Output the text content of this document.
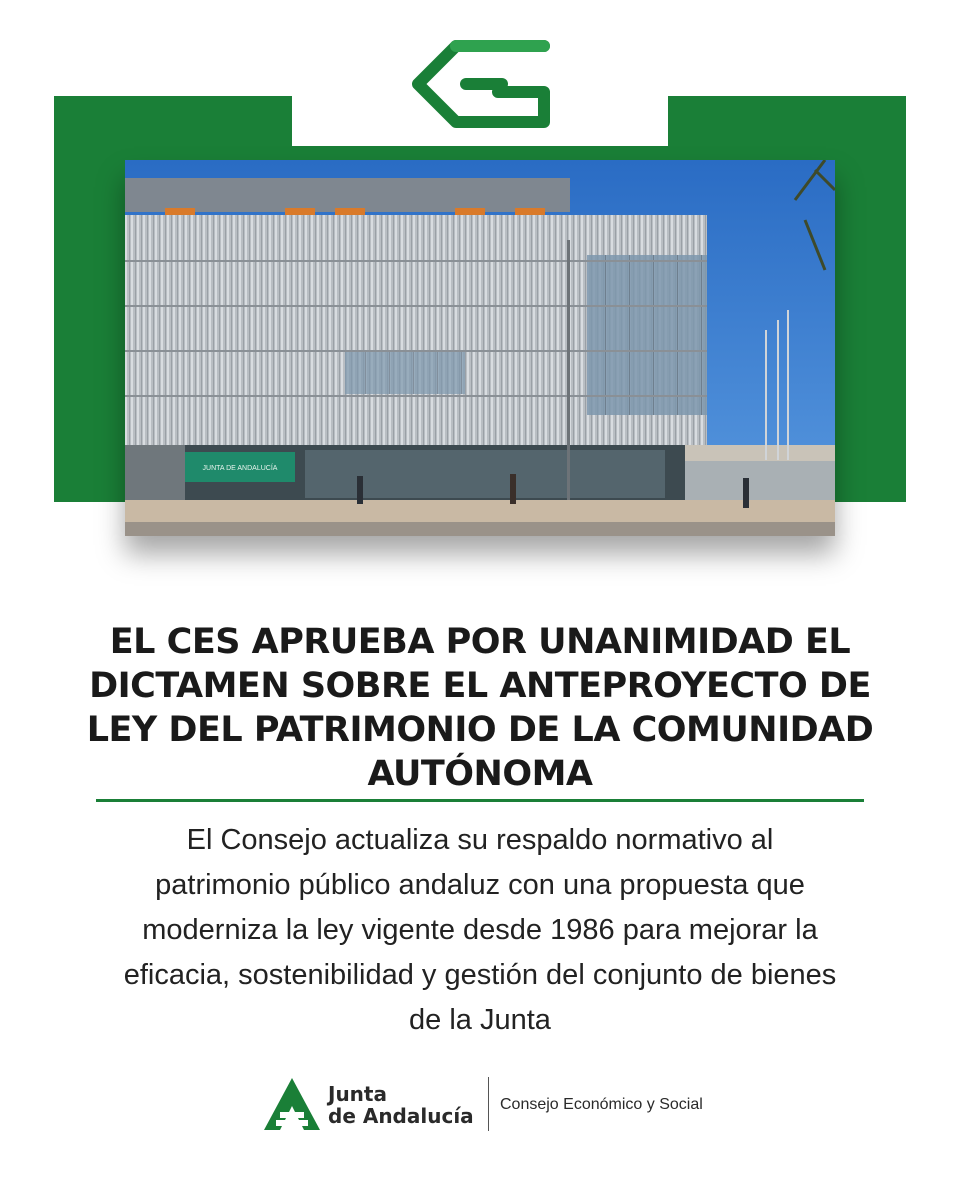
JUNTA DE ANDALUCÍA
EL CES APRUEBA POR UNANIMIDAD EL DICTAMEN SOBRE EL ANTEPROYECTO DE LEY DEL PATRIMONIO DE LA COMUNIDAD AUTÓNOMA

El Consejo actualiza su respaldo normativo al patrimonio público andaluz con una propuesta que moderniza la ley vigente desde 1986 para mejorar la eficacia, sostenibilidad y gestión del conjunto de bienes de la Junta

Junta
de Andalucía Consejo Económico y Social
